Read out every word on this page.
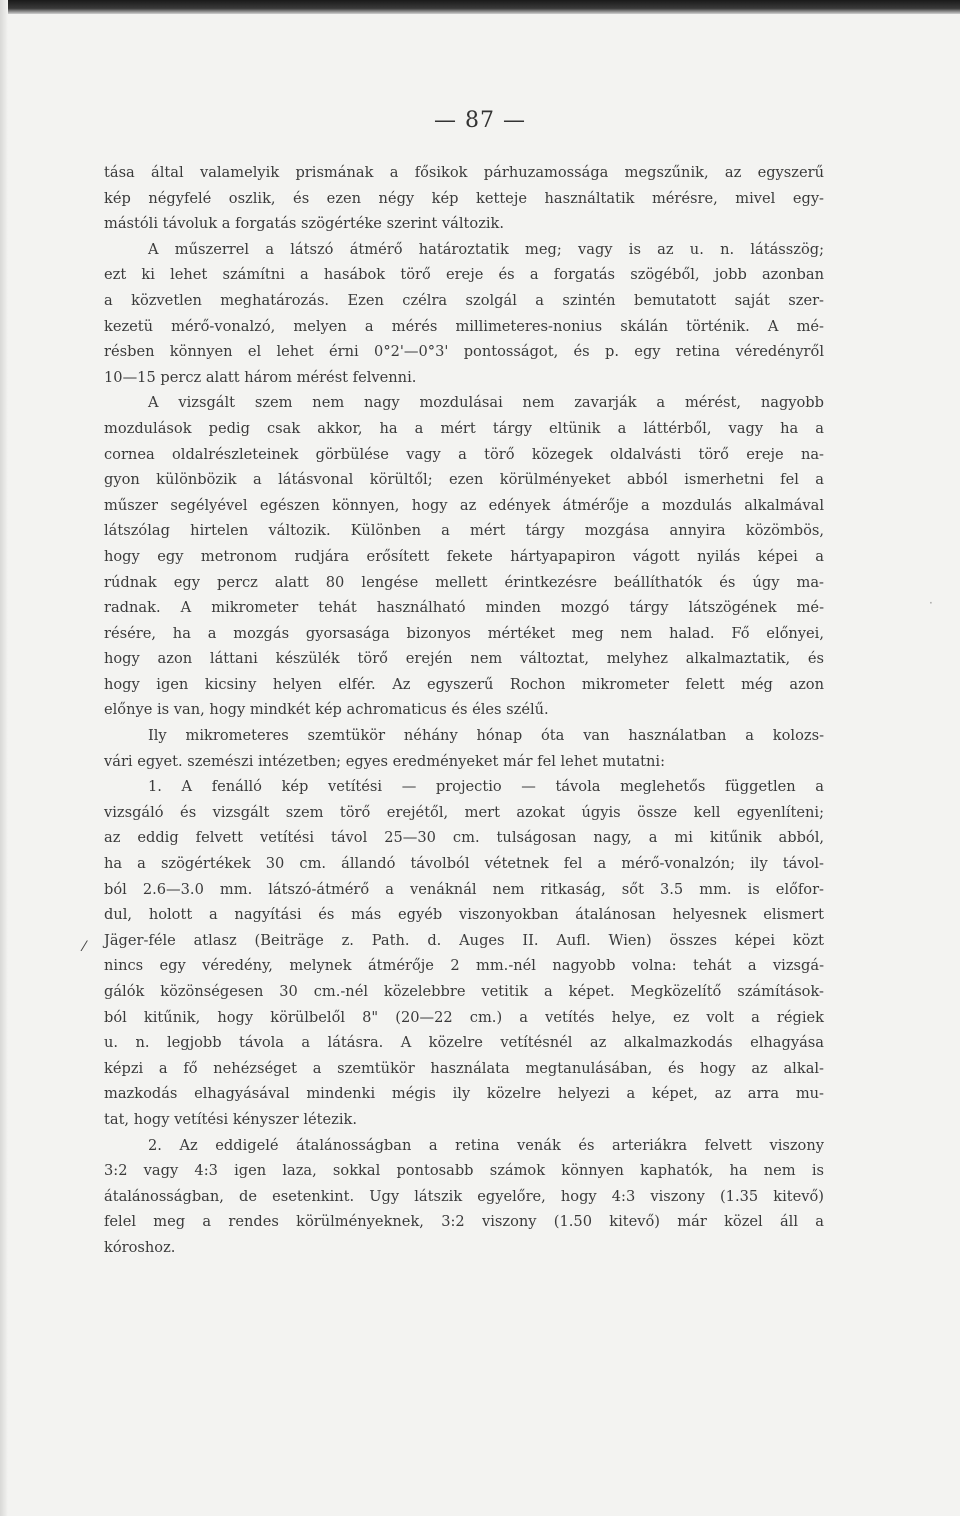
— 87 —
tása által valamelyik prismának a fősikok párhuzamossága megszűnik, az egyszerű
kép négyfelé oszlik, és ezen négy kép ketteje használtatik mérésre, mivel egy-
mástóli távoluk a forgatás szögértéke szerint változik.
A műszerrel a látszó átmérő határoztatik meg; vagy is az u. n. látásszög;
ezt ki lehet számítni a hasábok törő ereje és a forgatás szögéből, jobb azonban
a közvetlen meghatározás. Ezen czélra szolgál a szintén bemutatott saját szer-
kezetü mérő-vonalzó, melyen a mérés millimeteres-nonius skálán történik. A mé-
résben könnyen el lehet érni 0°2'—0°3' pontosságot, és p. egy retina véredényről
10—15 percz alatt három mérést felvenni.
A vizsgált szem nem nagy mozdulásai nem zavarják a mérést, nagyobb
mozdulások pedig csak akkor, ha a mért tárgy eltünik a láttérből, vagy ha a
cornea oldalrészleteinek görbülése vagy a törő közegek oldalvásti törő ereje na-
gyon különbözik a látásvonal körültől; ezen körülményeket abból ismerhetni fel a
műszer segélyével egészen könnyen, hogy az edények átmérője a mozdulás alkalmával
látszólag hirtelen változik. Különben a mért tárgy mozgása annyira közömbös,
hogy egy metronom rudjára erősített fekete hártyapapiron vágott nyilás képei a
rúdnak egy percz alatt 80 lengése mellett érintkezésre beállíthatók és úgy ma-
radnak. A mikrometer tehát használható minden mozgó tárgy látszögének mé-
résére, ha a mozgás gyorsasága bizonyos mértéket meg nem halad. Fő előnyei,
hogy azon láttani készülék törő erején nem változtat, melyhez alkalmaztatik, és
hogy igen kicsiny helyen elfér. Az egyszerű Rochon mikrometer felett még azon
előnye is van, hogy mindkét kép achromaticus és éles szélű.
Ily mikrometeres szemtükör néhány hónap óta van használatban a kolozs-
vári egyet. szemészi intézetben; egyes eredményeket már fel lehet mutatni:
1. A fenálló kép vetítési — projectio — távola meglehetős független a
vizsgáló és vizsgált szem törő erejétől, mert azokat úgyis össze kell egyenlíteni;
az eddig felvett vetítési távol 25—30 cm. tulságosan nagy, a mi kitűnik abból,
ha a szögértékek 30 cm. állandó távolból vétetnek fel a mérő-vonalzón; ily távol-
ból 2.6—3.0 mm. látszó-átmérő a venáknál nem ritkaság, sőt 3.5 mm. is előfor-
dul, holott a nagyítási és más egyéb viszonyokban átalánosan helyesnek elismert
Jäger-féle atlasz (Beiträge z. Path. d. Auges II. Aufl. Wien) összes képei közt
nincs egy véredény, melynek átmérője 2 mm.-nél nagyobb volna: tehát a vizsgá-
gálók közönségesen 30 cm.-nél közelebbre vetitik a képet. Megközelítő számítások-
ból kitűnik, hogy körülbelől 8" (20—22 cm.) a vetítés helye, ez volt a régiek
u. n. legjobb távola a látásra. A közelre vetítésnél az alkalmazkodás elhagyása
képzi a fő nehézséget a szemtükör használata megtanulásában, és hogy az alkal-
mazkodás elhagyásával mindenki mégis ily közelre helyezi a képet, az arra mu-
tat, hogy vetítési kényszer létezik.
2. Az eddigelé átalánosságban a retina venák és arteriákra felvett viszony
3:2 vagy 4:3 igen laza, sokkal pontosabb számok könnyen kaphatók, ha nem is
átalánosságban, de esetenkint. Ugy látszik egyelőre, hogy 4:3 viszony (1.35 kitevő)
felel meg a rendes körülményeknek, 3:2 viszony (1.50 kitevő) már közel áll a
kóroshoz.
⁄
·
